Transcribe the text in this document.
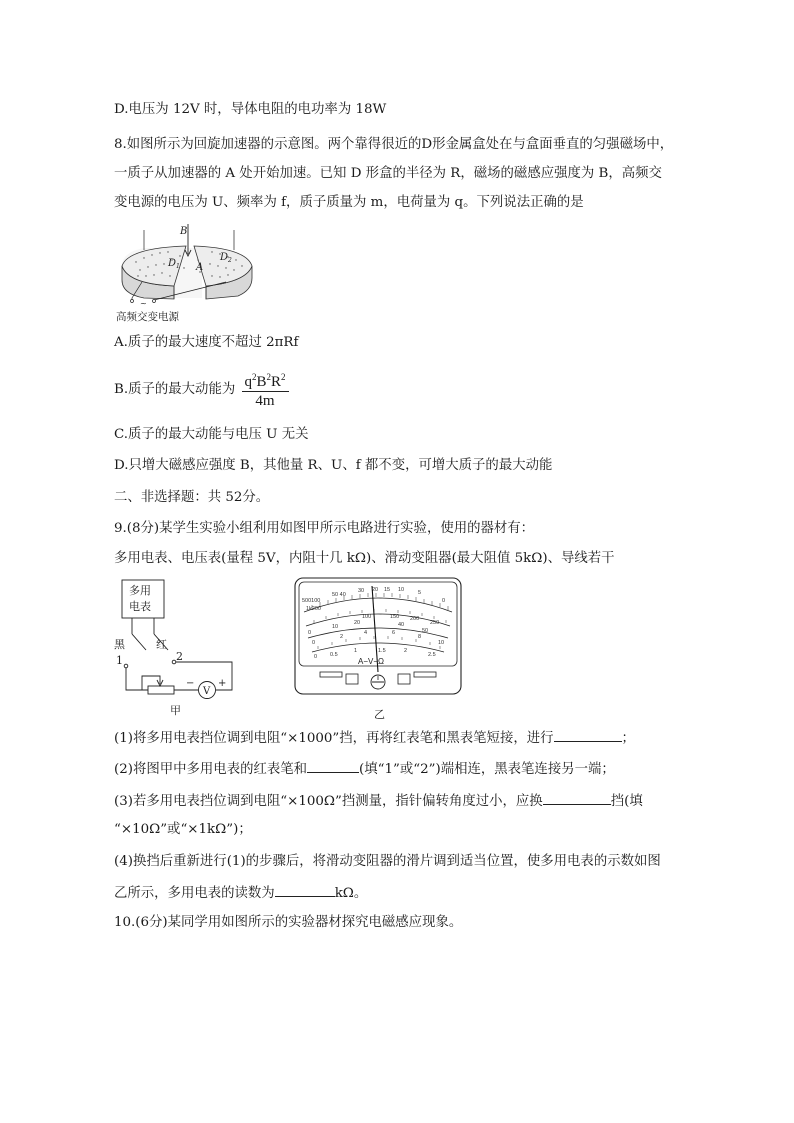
D.电压为 12V 时，导体电阻的电功率为 18W
8.如图所示为回旋加速器的示意图。两个靠得很近的D形金属盒处在与盒面垂直的匀强磁场中，
一质子从加速器的 A 处开始加速。已知 D 形盒的半径为 R，磁场的磁感应强度为 B，高频交
变电源的电压为 U、频率为 f，质子质量为 m，电荷量为 q。下列说法正确的是
B
$D_1$
$D_2$
A
~
高频交变电源
A.质子的最大速度不超过 2πRf
B.质子的最大动能为 $\frac{q^2B^2R^2}{4m}$
C.质子的最大动能与电压 U 无关
D.只增大磁感应强度 B，其他量 R、U、f 都不变，可增大质子的最大动能
二、非选择题：共 52分。
9.(8分)某学生实验小组利用如图甲所示电路进行实验，使用的器材有：
多用电表、电压表(量程 5V，内阻十几 kΩ)、滑动变阻器(最大阻值 5kΩ)、导线若干
多用
电表
黑	红
1	2
V
− +
甲
500100
50 40
30 20 15 10	5
0
1k200
100	150 200
250
0
10
20	40
50
0
2
4	6
8
10
0 0.5
1	1.5	2
2.5
A−V−Ω
乙
(1)将多用电表挡位调到电阻“×1000”挡，再将红表笔和黑表笔短接，进行	；
(2)将图甲中多用电表的红表笔和	(填“1”或“2”)端相连，黑表笔连接另一端；
(3)若多用电表挡位调到电阻“×100Ω”挡测量，指针偏转角度过小，应换	挡(填
“×10Ω”或“×1kΩ”)；
(4)换挡后重新进行(1)的步骤后，将滑动变阻器的滑片调到适当位置，使多用电表的示数如图
乙所示，多用电表的读数为	kΩ。
10.(6分)某同学用如图所示的实验器材探究电磁感应现象。
